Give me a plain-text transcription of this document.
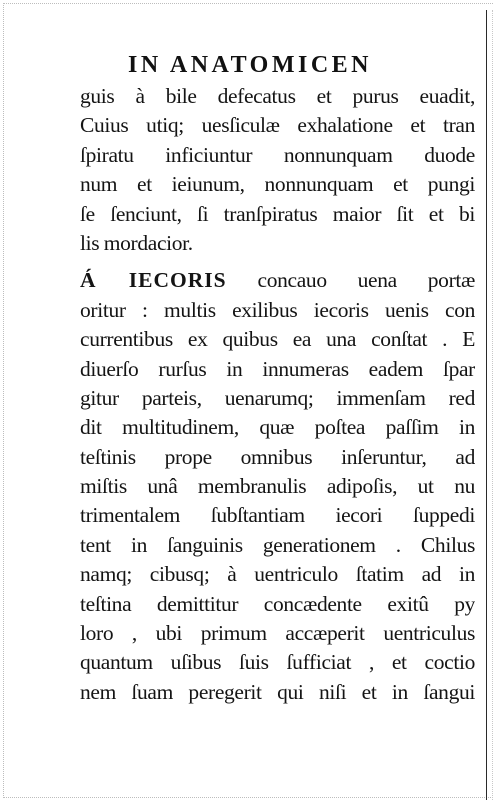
IN ANATOMICEN
guis à bile defecatus et purus euadit,
Cuius utiq; uesſiculæ exhalatione et tran
ſpiratu inficiuntur nonnunquam duode
num et ieiunum, nonnunquam et pungi
ſe ſenciunt, ſi tranſpiratus maior ſit et bi
lis mordacior.
Á IECORIS concauo uena portæ
oritur : multis exilibus iecoris uenis con
currentibus ex quibus ea una conſtat . E
diuerſo rurſus in innumeras eadem ſpar
gitur parteis, uenarumq; immenſam red
dit multitudinem, quæ poſtea paſſim in
teſtinis prope omnibus inſeruntur, ad
miſtis unâ membranulis adipoſis, ut nu
trimentalem ſubſtantiam iecori ſuppedi
tent in ſanguinis generationem . Chilus
namq; cibusq; à uentriculo ſtatim ad in
teſtina demittitur concædente exitû py
loro , ubi primum accæperit uentriculus
quantum uſibus ſuis ſufficiat , et coctio
nem ſuam peregerit qui niſi et in ſangui
